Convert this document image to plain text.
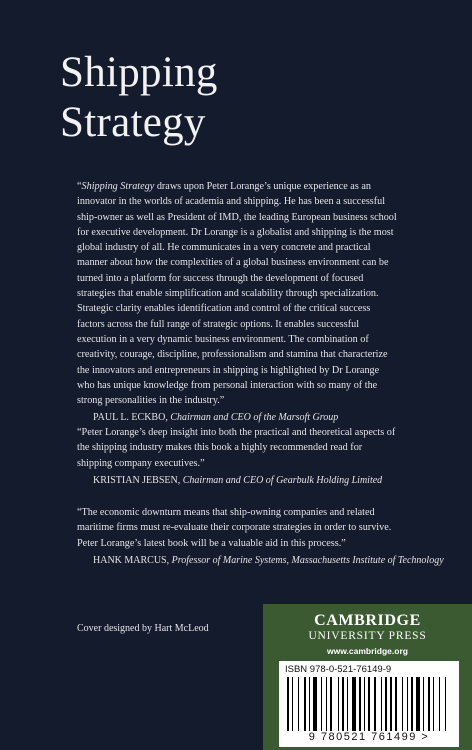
Shipping
Strategy

“Shipping Strategy draws upon Peter Lorange’s unique experience as an innovator in the worlds of academia and shipping. He has been a successful ship-owner as well as President of IMD, the leading European business school for executive development. Dr Lorange is a globalist and shipping is the most global industry of all. He communicates in a very concrete and practical manner about how the complexities of a global business environment can be turned into a platform for success through the development of focused strategies that enable simplification and scalability through specialization. Strategic clarity enables identification and control of the critical success factors across the full range of strategic options. It enables successful execution in a very dynamic business environment. The combination of creativity, courage, discipline, professionalism and stamina that characterize the innovators and entrepreneurs in shipping is highlighted by Dr Lorange who has unique knowledge from personal interaction with so many of the strong personalities in the industry.”

PAUL L. ECKBO, Chairman and CEO of the Marsoft Group

“Peter Lorange’s deep insight into both the practical and theoretical aspects of the shipping industry makes this book a highly recommended read for shipping company executives.”

KRISTIAN JEBSEN, Chairman and CEO of Gearbulk Holding Limited

“The economic downturn means that ship-owning companies and related maritime firms must re-evaluate their corporate strategies in order to survive. Peter Lorange’s latest book will be a valuable aid in this process.”

HANK MARCUS, Professor of Marine Systems, Massachusetts Institute of Technology
Cover designed by Hart McLeod	CAMBRIDGE
UNIVERSITY PRESS
www.cambridge.org
ISBN 978-0-521-76149-9
9 780521 761499 >
